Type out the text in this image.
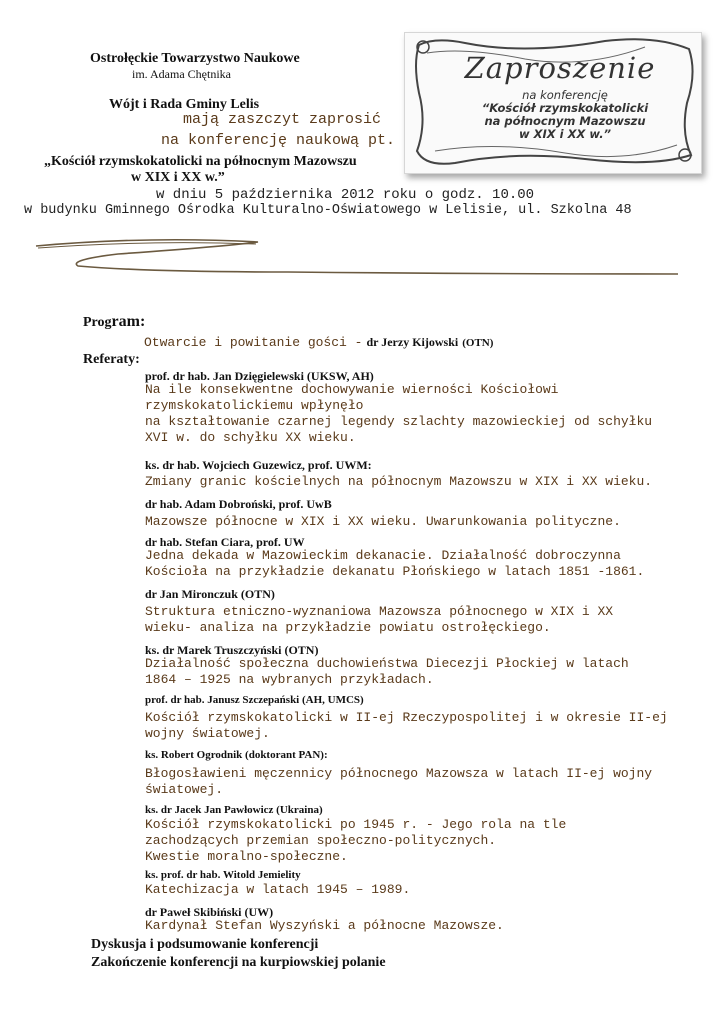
Ostrołęckie Towarzystwo Naukowe
im. Adama Chętnika
Wójt i Rada Gminy Lelis
mają zaszczyt zaprosić
na konferencję naukową pt.
„Kościół rzymskokatolicki na północnym Mazowszu
w XIX i XX w.”
w dniu 5 października 2012 roku o godz. 10.00
w budynku Gminnego Ośrodka Kulturalno-Oświatowego w Lelisie, ul. Szkolna 48
Zaproszenie
na konferencję
“Kościół rzymskokatolicki
na północnym Mazowszu
w XIX i XX w.”
Program:
Otwarcie i powitanie gości - dr Jerzy Kijowski (OTN)
Referaty:
prof. dr hab. Jan Dzięgielewski (UKSW, AH)
Na ile konsekwentne dochowywanie wierności Kościołowi
rzymskokatolickiemu wpłynęło
na kształtowanie czarnej legendy szlachty mazowieckiej od schyłku
XVI w. do schyłku XX wieku.
ks. dr hab. Wojciech Guzewicz, prof. UWM:
Zmiany granic kościelnych na północnym Mazowszu w XIX i XX wieku.
dr hab. Adam Dobroński, prof. UwB
Mazowsze północne w XIX i XX wieku. Uwarunkowania polityczne.
dr hab. Stefan Ciara, prof. UW
Jedna dekada w Mazowieckim dekanacie. Działalność dobroczynna
Kościoła na przykładzie dekanatu Płońskiego w latach 1851 -1861.
dr Jan Mironczuk (OTN)
Struktura etniczno-wyznaniowa Mazowsza północnego w XIX i XX
wieku- analiza na przykładzie powiatu ostrołęckiego.
ks. dr Marek Truszczyński (OTN)
Działalność społeczna duchowieństwa Diecezji Płockiej w latach
1864 – 1925 na wybranych przykładach.
prof. dr hab. Janusz Szczepański (AH, UMCS)
Kościół rzymskokatolicki w II-ej Rzeczypospolitej i w okresie II-ej
wojny światowej.
ks. Robert Ogrodnik (doktorant PAN):
Błogosławieni męczennicy północnego Mazowsza w latach II-ej wojny
światowej.
ks. dr Jacek Jan Pawłowicz (Ukraina)
Kościół rzymskokatolicki po 1945 r. - Jego rola na tle
zachodzących przemian społeczno-politycznych.
Kwestie moralno-społeczne.
ks. prof. dr hab. Witold Jemielity
Katechizacja w latach 1945 – 1989.
dr Paweł Skibiński (UW)
Kardynał Stefan Wyszyński a północne Mazowsze.
Dyskusja i podsumowanie konferencji
Zakończenie konferencji na kurpiowskiej polanie
